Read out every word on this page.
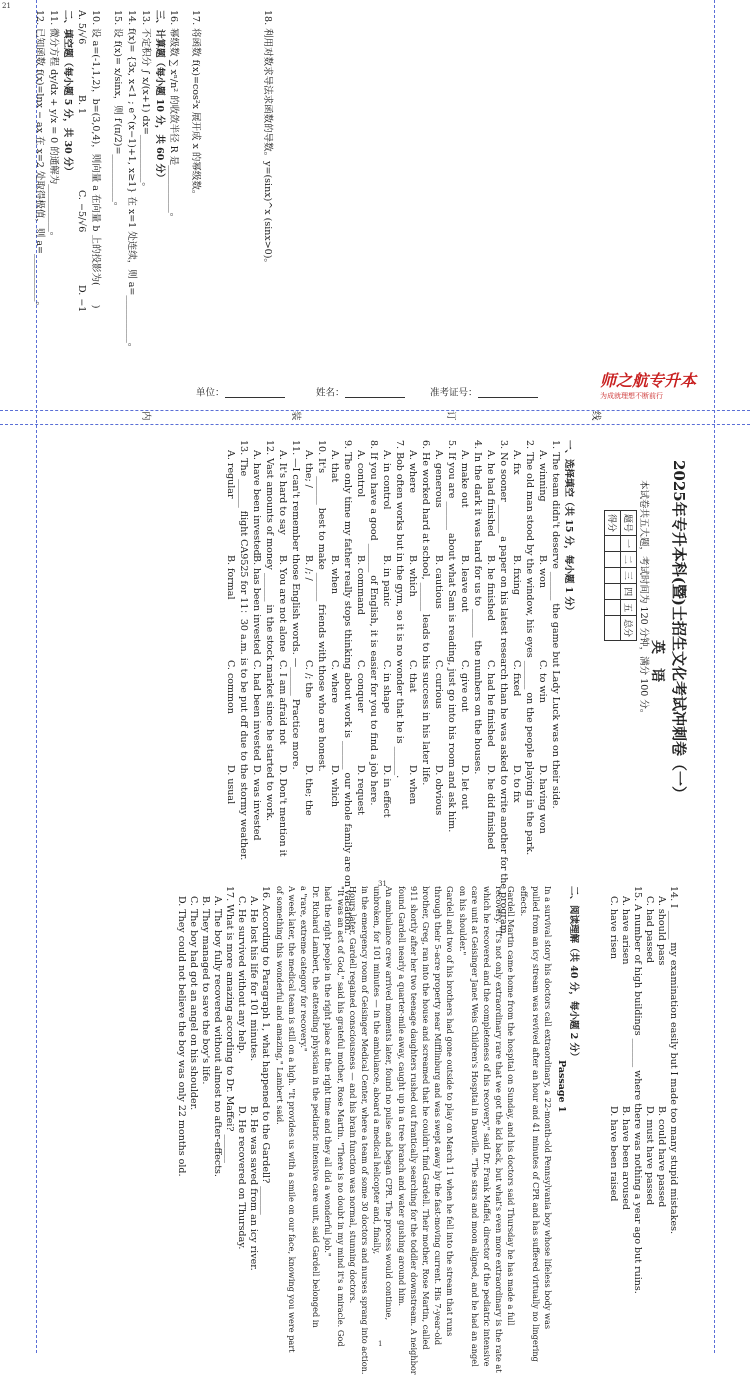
21
31
1
线
订
装
内
师之航专升本
为成就理想不断前行
单位：	姓名：	准考证号：
10. 设 a=(-1,1,2)，b=(3,0,4)，则向量 a 在向量 b 上的投影为(　　)
A. 5/√6
B. 1
C. −5/√6
D. −1
二、填空题（每小题 5 分，共 30 分）
11. 微分方程 dy/dx + y/x = 0 的通解为__________。
12. 已知函数 f(x)=lnx − ax 在 x=2 处取得极值，则 a=__________。
13. 不定积分 ∫ x/(x+1) dx=__________。
14. f(x)= {3x, x<1 ; e^(x−1)+1, x≥1} 在 x=1 处连续，则 a=__________。
15. 设 f(x)= x/sinx，则 f′(π/2)=__________。
16. 幂级数 ∑ xⁿ/n² 的收敛半径 R 是__________。
三、计算题（每小题 10 分，共 60 分）	17. 将函数 f(x)=cos²x 展开成 x 的幂级数。
18. 利用对数求导法求函数的导数。y=(sinx)^x (sinx>0)。
2025年专升本科(暨)士招生文化考试冲刺卷（一）
英　语
本试卷共五大题，考试时间为 120 分钟，满分 100 分。
题号	一	二	三	四	五	总分
得分						
一、选择填空（共 15 分，每小题 1 分）
1. The team didn't deserve ______ the game but Lady Luck was on their side.
A. winning
B. won
C. to win
D. having won
2. The old man stood by the window, his eyes ______ on the people playing in the park.
A. fix
B. fixing
C. fixed
D. to fix
3. No sooner ______ a paper on his latest research than he was asked to write another for the program.
A. he had finished
B. he finished
C. had he finished
D. he did finished
4. In the dark it was hard for us to ______ the numbers on the houses.
A. make out
B. leave out
C. give out
D. let out
5. If you are ______ about what Sam is reading, just go into his room and ask him.
A. generous
B. cautious
C. curious
D. obvious
6. He worked hard at school, ______ leads to his success in his later life.
A. where
B. which
C. that
D. when
7. Bob often works but in the gym, so it is no wonder that he is ______.
A. in control
B. in panic
C. in shape
D. in effect
8. If you have a good ______ of English, it is easier for you to find a job here.
A. control
B. command
C. conquer
D. request
9. The only time my father really stops thinking about work is ______ our whole family are on vacation.
A. that
B. when
C. where
D. which
10. It's ______ best to make ______ friends with those who are honest.
A. the; /
B. /; /
C. /; the
D. the; the
11. —I can't remember those English words. —______ Practice more.
A. It's hard to say
B. You are not alone
C. I am afraid not
D. Don't mention it
12. Vast amounts of money ______ in the stock market since he started to work.
A. have been invested
B. has been invested
C. had been invested
D. was invested
13. The ______ flight CA9525 for 11：30 a.m. is to be put off due to the stormy weather.
A. regular
B. formal
C. common
D. usual
14. I ______ my examination easily but I made too many stupid mistakes.
A. should pass
B. could have passed
C. had passed
D. must have passed
15. A number of high buildings ______ where there was nothing a year ago but ruins.
A. have arisen
B. have been aroused
C. have risen
D. have been raised
二、阅读理解（共 40 分，每小题 2 分）
Passage 1
In a survival story his doctors call extraordinary, a 22-month-old Pennsylvania boy whose lifeless body was
pulled from an icy stream was revived after an hour and 41 minutes of CPR and has suffered virtually no lingering
effects.
Gardell Martin came home from the hospital on Sunday, and his doctors said Thursday he has made a full
recovery. "It's not only extraordinary rare that we got the kid back, but what's even more extraordinary is the rate at
which he recovered and the completeness of his recovery," said Dr. Frank Maffei, director of the pediatric intensive
care unit at Geisinger Janet Weis Children's Hospital in Danville. "The stars and moon aligned, and he had an angel
on his shoulder."
Gardell and two of his brothers had gone outside to play on March 11 when he fell into the stream that runs
through their 5-acre property near Mifflinburg and was swept away by the fast-moving current. His 7-year-old
brother, Greg, ran into the house and screamed that he couldn't find Gardell. Their mother, Rose Martin, called
911 shortly after her two teenage daughters rushed out frantically searching for the toddler downstream. A neighbor
found Gardell nearly a quarter-mile away, caught up in a tree branch and water gushing around him.
An ambulance crew arrived moments later, found no pulse and began CPR. The process would continue,
unbroken, for 101 minutes — in the ambulance, aboard a medical helicopter and, finally,
in the emergency room of Geisinger Medical Center, where a team of some 30 doctors and nurses sprang into action.
Hours later, Gardell regained consciousness — and his brain function was normal, stunning doctors.
"It was an act of God," said his grateful mother, Rose Martin. "There is no doubt in my mind it's a miracle. God
had the right people in the right place at the right time and they all did a wonderful job."
Dr. Richard Lambert, the attending physician in the pediatric intensive care unit, said Gardell belonged in
a "rare, extreme category for recovery."
A week later, the medical team is still on a high. "It provides us with a smile on our face, knowing you were part
of something this wonderful and amazing," Lambert said.
16. According to Paragraph 1, what happened to the Gardell? ______
A. He lost his life for 101 minutes.
B. He was saved from an icy river.
C. He survived without any help.
D. He recovered on Thursday.
17. What is more amazing according to Dr. Maffei? ______
A. The boy fully recovered without almost no after-effects.
B. They managed to save the boy's life.
C. The boy had got an angel on his shoulder.
D. They could not believe the boy was only 22 months old.
